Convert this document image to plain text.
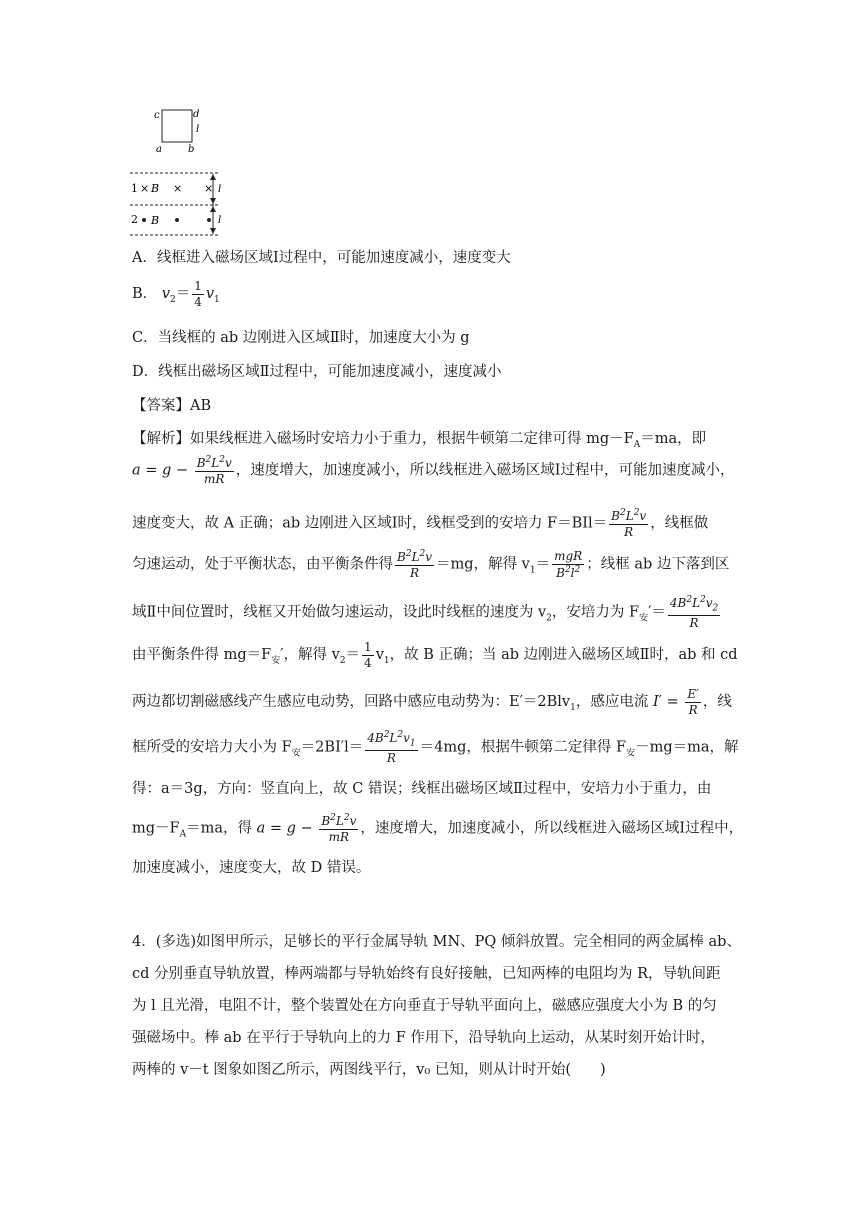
c	d
l
a	b
1 × B × ×
2 B
l
l
A．线框进入磁场区域Ⅰ过程中，可能加速度减小，速度变大
B． $v_2= \frac{1}{4} v_1$
C．当线框的 ab 边刚进入区域Ⅱ时，加速度大小为 g
D．线框出磁场区域Ⅱ过程中，可能加速度减小，速度减小
【答案】AB
【解析】如果线框进入磁场时安培力小于重力，根据牛顿第二定律可得 $mg-F_A=ma$，即
$a = g - \frac{B^2L^2v}{mR}$ ，速度增大，加速度减小，所以线框进入磁场区域Ⅰ过程中，可能加速度减小，
速度变大，故 A 正确；ab 边刚进入区域Ⅰ时，线框受到的安培力 $F=BIl= \frac{B^2L^2v}{R}$ ，线框做
匀速运动，处于平衡状态，由平衡条件得 $\frac{B^2L^2v}{R} =mg$，解得 $v_1= \frac{\text{mgR}}{B^2l^2}$ ；线框 ab 边下落到区
域Ⅱ中间位置时，线框又开始做匀速运动，设此时线框的速度为 $v_2$，安培力为 $F_安'= \frac{4B^2L^2v_2}{R}$
由平衡条件得 $mg=F_安'$，解得 $v_2= \frac{1}{4} v_1$，故 B 正确；当 ab 边刚进入磁场区域Ⅱ时，ab 和 cd
两边都切割磁感线产生感应电动势，回路中感应电动势为：E′＝2Blv$_1$，感应电流 $I' = \frac{E'}{R}$ ，线
框所受的安培力大小为 $F_安=2BI'l= \frac{4B^2L^2v_1}{R} =4mg$，根据牛顿第二定律得 $F_安-mg=ma$，解
得：a＝3g，方向：竖直向上，故 C 错误；线框出磁场区域Ⅱ过程中，安培力小于重力，由
$mg-F_A=ma$，得 $a = g - \frac{B^2L^2v}{mR}$ ，速度增大，加速度减小，所以线框进入磁场区域Ⅰ过程中，
加速度减小，速度变大，故 D 错误。
4．(多选)如图甲所示，足够长的平行金属导轨 MN、PQ 倾斜放置。完全相同的两金属棒 ab、
cd 分别垂直导轨放置，棒两端都与导轨始终有良好接触，已知两棒的电阻均为 R，导轨间距
为 l 且光滑，电阻不计，整个装置处在方向垂直于导轨平面向上，磁感应强度大小为 B 的匀
强磁场中。棒 ab 在平行于导轨向上的力 F 作用下，沿导轨向上运动，从某时刻开始计时，
两棒的 v－t 图象如图乙所示，两图线平行，v₀ 已知，则从计时开始(　　)
